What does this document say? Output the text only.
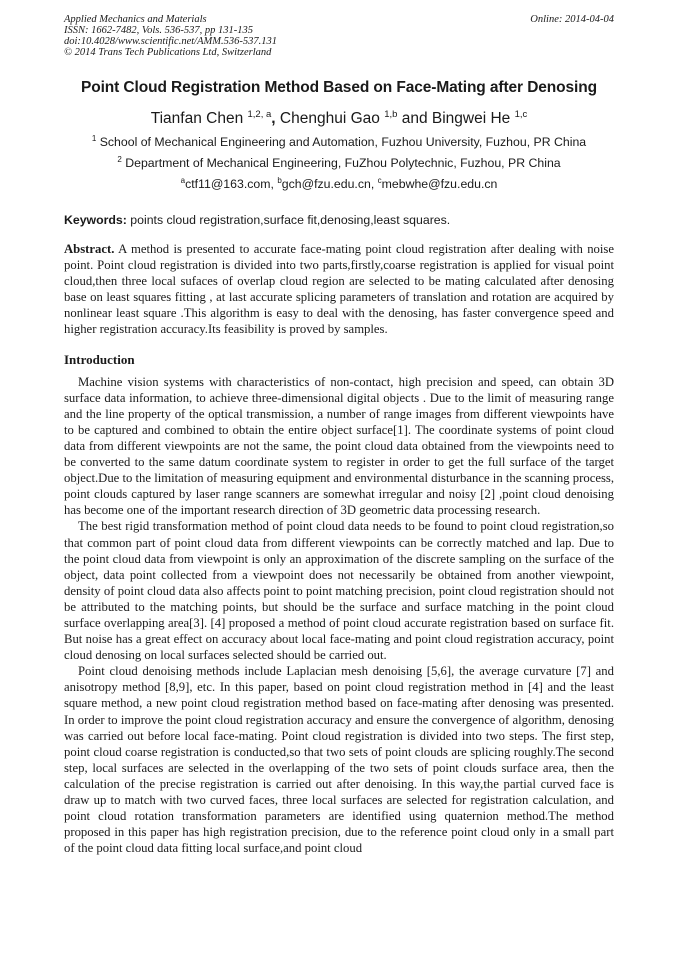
Applied Mechanics and Materials
ISSN: 1662-7482, Vols. 536-537, pp 131-135
doi:10.4028/www.scientific.net/AMM.536-537.131
© 2014 Trans Tech Publications Ltd, Switzerland
Online: 2014-04-04
Point Cloud Registration Method Based on Face-Mating after Denosing
Tianfan Chen $^{1,2, a}$, Chenghui Gao $^{1,b}$ and Bingwei He $^{1,c}$
$^1$ School of Mechanical Engineering and Automation, Fuzhou University, Fuzhou, PR China
$^2$ Department of Mechanical Engineering, FuZhou Polytechnic, Fuzhou, PR China
$^a$ctf11@163.com, $^b$gch@fzu.edu.cn, $^c$mebwhe@fzu.edu.cn
Keywords: points cloud registration,surface fit,denosing,least squares.
Abstract. A method is presented to accurate face-mating point cloud registration after dealing with noise point. Point cloud registration is divided into two parts,firstly,coarse registration is applied for visual point cloud,then three local sufaces of overlap cloud region are selected to be mating calculated after denosing base on least squares fitting , at last accurate splicing parameters of translation and rotation are acquired by nonlinear least square .This algorithm is easy to deal with the denosing, has faster convergence speed and higher registration accuracy.Its feasibility is proved by samples.
Introduction

Machine vision systems with characteristics of non-contact, high precision and speed, can obtain 3D surface data information, to achieve three-dimensional digital objects . Due to the limit of measuring range and the line property of the optical transmission, a number of range images from different viewpoints have to be captured and combined to obtain the entire object surface[1]. The coordinate systems of point cloud data from different viewpoints are not the same, the point cloud data obtained from the viewpoints need to be converted to the same datum coordinate system to register in order to get the full surface of the target object.Due to the limitation of measuring equipment and environmental disturbance in the scanning process, point clouds captured by laser range scanners are somewhat irregular and noisy [2] ,point cloud denoising has become one of the important research direction of 3D geometric data processing research.

The best rigid transformation method of point cloud data needs to be found to point cloud registration,so that common part of point cloud data from different viewpoints can be correctly matched and lap. Due to the point cloud data from viewpoint is only an approximation of the discrete sampling on the surface of the object, data point collected from a viewpoint does not necessarily be obtained from another viewpoint, density of point cloud data also affects point to point matching precision, point cloud registration should not be attributed to the matching points, but should be the surface and surface matching in the point cloud surface overlapping area[3]. [4] proposed a method of point cloud accurate registration based on surface fit. But noise has a great effect on accuracy about local face-mating and point cloud registration accuracy, point cloud denosing on local surfaces selected should be carried out.

Point cloud denoising methods include Laplacian mesh denoising [5,6], the average curvature [7] and anisotropy method [8,9], etc. In this paper, based on point cloud registration method in [4] and the least square method, a new point cloud registration method based on face-mating after denosing was presented. In order to improve the point cloud registration accuracy and ensure the convergence of algorithm, denosing was carried out before local face-mating. Point cloud registration is divided into two steps. The first step, point cloud coarse registration is conducted,so that two sets of point clouds are splicing roughly.The second step, local surfaces are selected in the overlapping of the two sets of point clouds surface area, then the calculation of the precise registration is carried out after denoising. In this way,the partial curved face is draw up to match with two curved faces, three local surfaces are selected for registration calculation, and point cloud rotation transformation parameters are identified using quaternion method.The method proposed in this paper has high registration precision, due to the reference point cloud only in a small part of the point cloud data fitting local surface,and point cloud
